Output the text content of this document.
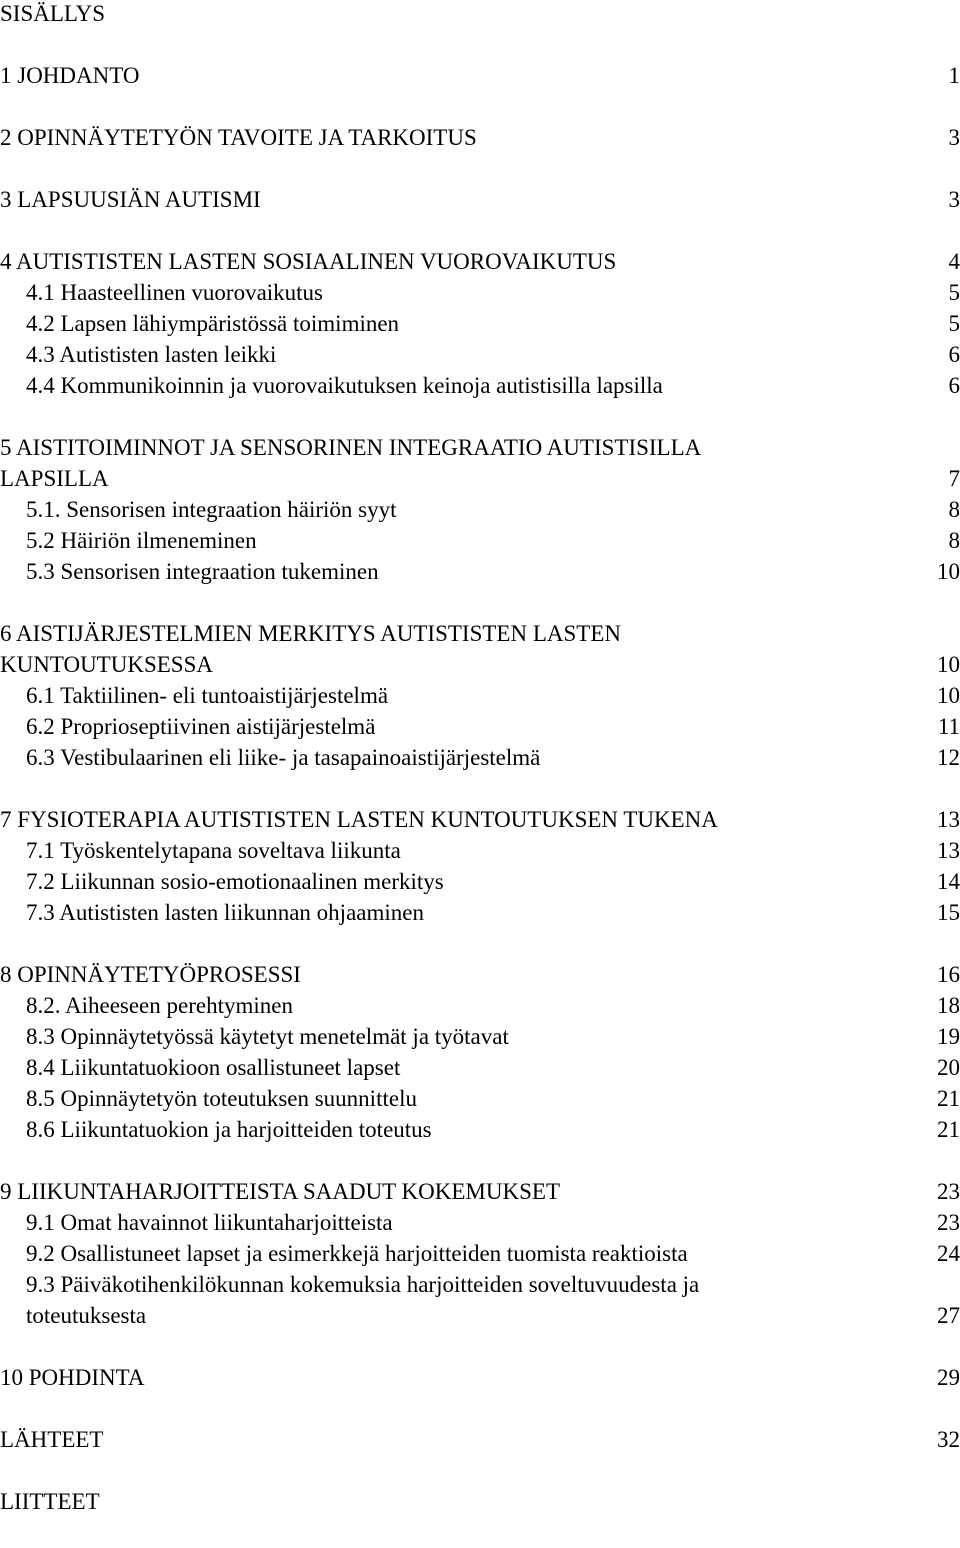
SISÄLLYS
1 JOHDANTO	1
2 OPINNÄYTETYÖN TAVOITE JA TARKOITUS	3
3 LAPSUUSIÄN AUTISMI	3
4 AUTISTISTEN LASTEN SOSIAALINEN VUOROVAIKUTUS	4
4.1 Haasteellinen vuorovaikutus	5
4.2 Lapsen lähiympäristössä toimiminen	5
4.3 Autististen lasten leikki	6
4.4 Kommunikoinnin ja vuorovaikutuksen keinoja autistisilla lapsilla	6
5 AISTITOIMINNOT JA SENSORINEN INTEGRAATIO AUTISTISILLA
LAPSILLA	7
5.1. Sensorisen integraation häiriön syyt	8
5.2 Häiriön ilmeneminen	8
5.3 Sensorisen integraation tukeminen	10
6 AISTIJÄRJESTELMIEN MERKITYS AUTISTISTEN LASTEN
KUNTOUTUKSESSA	10
6.1 Taktiilinen- eli tuntoaistijärjestelmä	10
6.2 Proprioseptiivinen aistijärjestelmä	11
6.3 Vestibulaarinen eli liike- ja tasapainoaistijärjestelmä	12
7 FYSIOTERAPIA AUTISTISTEN LASTEN KUNTOUTUKSEN TUKENA	13
7.1 Työskentelytapana soveltava liikunta	13
7.2 Liikunnan sosio-emotionaalinen merkitys	14
7.3 Autististen lasten liikunnan ohjaaminen	15
8 OPINNÄYTETYÖPROSESSI	16
8.2. Aiheeseen perehtyminen	18
8.3 Opinnäytetyössä käytetyt menetelmät ja työtavat	19
8.4 Liikuntatuokioon osallistuneet lapset	20
8.5 Opinnäytetyön toteutuksen suunnittelu	21
8.6 Liikuntatuokion ja harjoitteiden toteutus	21
9 LIIKUNTAHARJOITTEISTA SAADUT KOKEMUKSET	23
9.1 Omat havainnot liikuntaharjoitteista	23
9.2 Osallistuneet lapset ja esimerkkejä harjoitteiden tuomista reaktioista	24
9.3 Päiväkotihenkilökunnan kokemuksia harjoitteiden soveltuvuudesta ja
toteutuksesta	27
10 POHDINTA	29
LÄHTEET	32
LIITTEET
